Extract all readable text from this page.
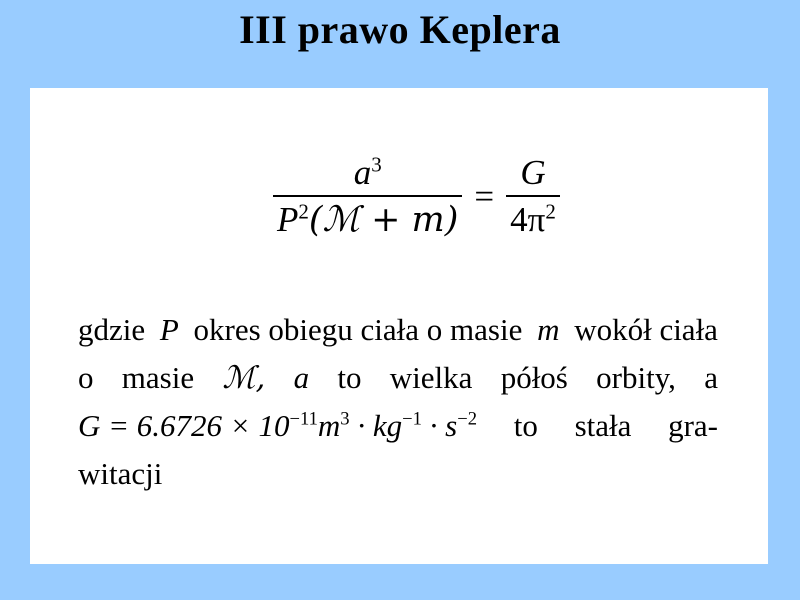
III prawo Keplera
$\frac{a^3}{P^2(ℳ + m)} = \frac{G}{4\pi^2}$
gdzie P okres obiegu ciała o masie m wokół ciała
o masie ℳ, a to wielka półoś orbity, a
$G = 6.6726 \times 10^{-11}m^3 \cdot kg^{-1} \cdot s^{-2}$ to stała gra-
witacji
